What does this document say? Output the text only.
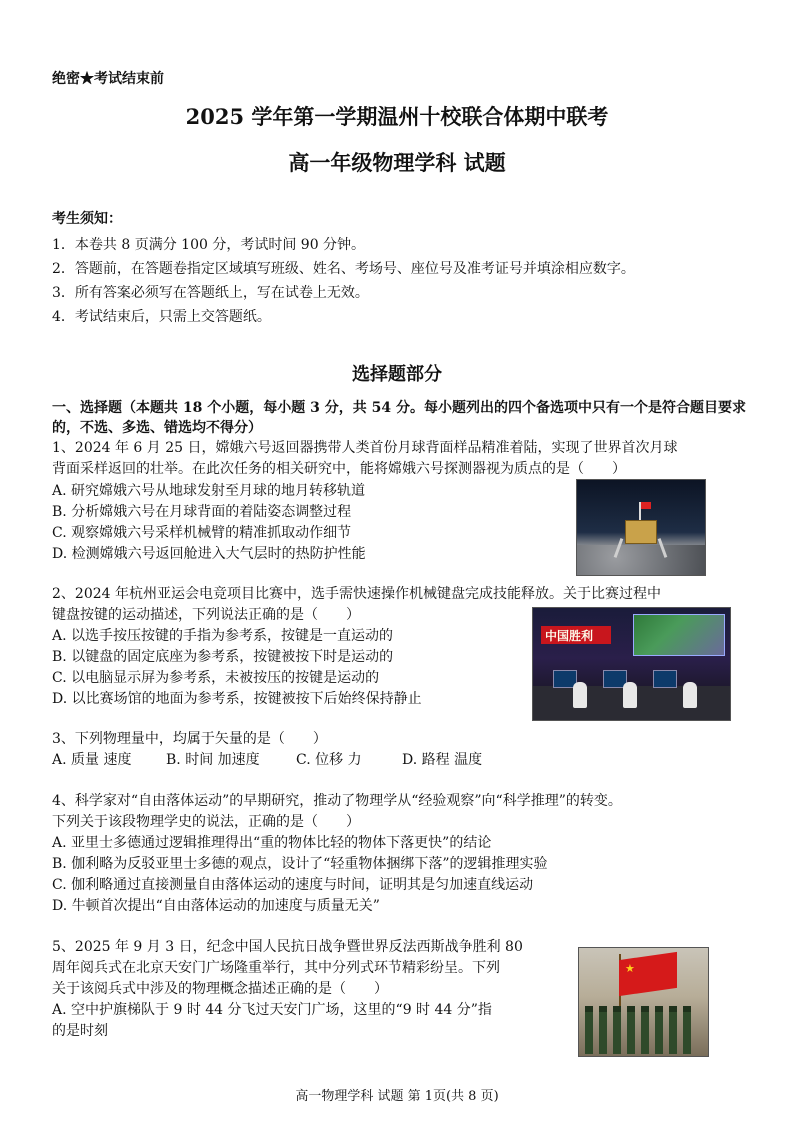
绝密★考试结束前
2025 学年第一学期温州十校联合体期中联考
高一年级物理学科 试题
考生须知：
1．本卷共 8 页满分 100 分，考试时间 90 分钟。
2．答题前，在答题卷指定区域填写班级、姓名、考场号、座位号及准考证号并填涂相应数字。
3．所有答案必须写在答题纸上，写在试卷上无效。
4．考试结束后，只需上交答题纸。
选择题部分
一、选择题（本题共 18 个小题，每小题 3 分，共 54 分。每小题列出的四个备选项中只有一个是符合题目要求的，不选、多选、错选均不得分）
1、2024 年 6 月 25 日，嫦娥六号返回器携带人类首份月球背面样品精准着陆，实现了世界首次月球
背面采样返回的壮举。在此次任务的相关研究中，能将嫦娥六号探测器视为质点的是（　　）
A. 研究嫦娥六号从地球发射至月球的地月转移轨道
B. 分析嫦娥六号在月球背面的着陆姿态调整过程
C. 观察嫦娥六号采样机械臂的精准抓取动作细节
D. 检测嫦娥六号返回舱进入大气层时的热防护性能
2、2024 年杭州亚运会电竞项目比赛中，选手需快速操作机械键盘完成技能释放。关于比赛过程中
键盘按键的运动描述，下列说法正确的是（　　）
A. 以选手按压按键的手指为参考系，按键是一直运动的
B. 以键盘的固定底座为参考系，按键被按下时是运动的
C. 以电脑显示屏为参考系，未被按压的按键是运动的
D. 以比赛场馆的地面为参考系，按键被按下后始终保持静止
中国胜利
3、下列物理量中，均属于矢量的是（　　）
A. 质量 速度 B. 时间 加速度	C. 位移 力	D. 路程 温度
4、科学家对“自由落体运动”的早期研究，推动了物理学从“经验观察”向“科学推理”的转变。
下列关于该段物理学史的说法，正确的是（　　）
A. 亚里士多德通过逻辑推理得出“重的物体比轻的物体下落更快”的结论
B. 伽利略为反驳亚里士多德的观点，设计了“轻重物体捆绑下落”的逻辑推理实验
C. 伽利略通过直接测量自由落体运动的速度与时间，证明其是匀加速直线运动
D. 牛顿首次提出“自由落体运动的加速度与质量无关”
5、2025 年 9 月 3 日，纪念中国人民抗日战争暨世界反法西斯战争胜利 80
周年阅兵式在北京天安门广场隆重举行，其中分列式环节精彩纷呈。下列
关于该阅兵式中涉及的物理概念描述正确的是（　　）
A. 空中护旗梯队于 9 时 44 分飞过天安门广场，这里的“9 时 44 分”指
的是时刻
★
高一物理学科 试题 第 1页(共 8 页)
